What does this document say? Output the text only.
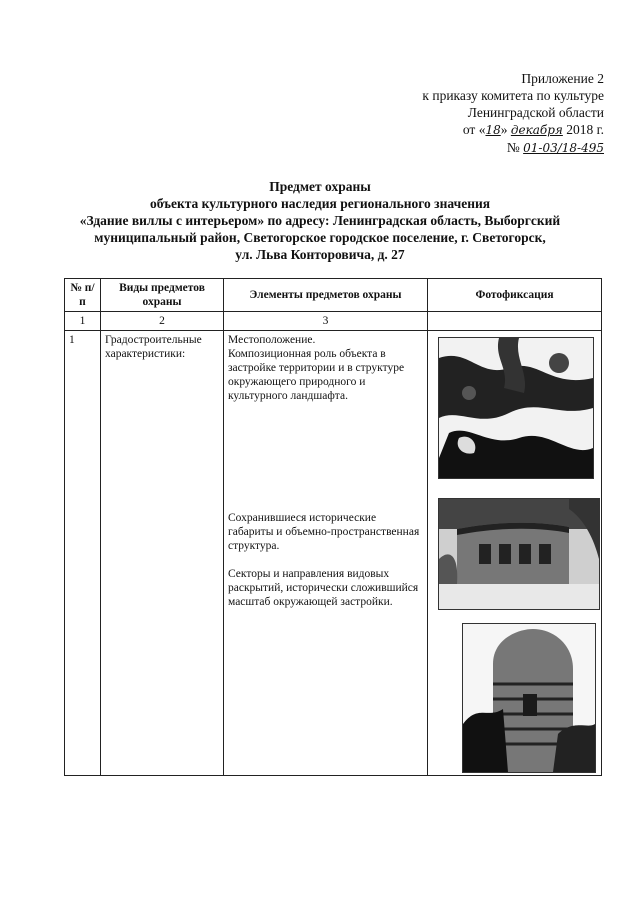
Приложение 2
к приказу комитета по культуре
Ленинградской области
от «18» декабря 2018 г.
№ 01-03/18-495
Предмет охраны
объекта культурного наследия регионального значения
«Здание виллы с интерьером» по адресу: Ленинградская область, Выборгский
муниципальный район, Светогорское городское поселение, г. Светогорск,
ул. Льва Конторовича, д. 27
№ п/п	Виды предметов охраны	Элементы предметов охраны	Фотофиксация
1	2	3	
1	Градостроительные характеристики:	Местоположение.
Композиционная роль объекта в застройке территории и в структуре окружающего природного и культурного ландшафта.
Сохранившиеся исторические габариты и объемно-пространственная структура.
Секторы и направления видовых раскрытий, исторически сложившийся масштаб окружающей застройки.
